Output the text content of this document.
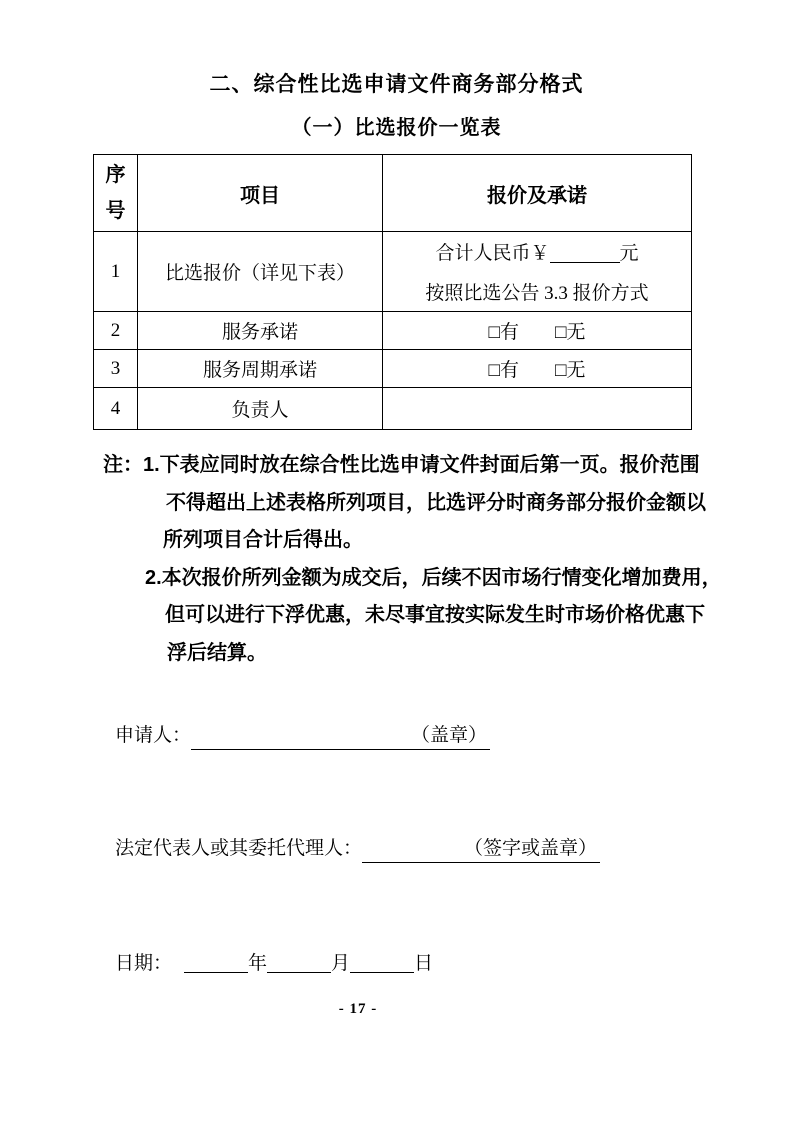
二、综合性比选申请文件商务部分格式
（一）比选报价一览表
序号	项目	报价及承诺
1	比选报价（详见下表）	合计人民币￥ 元
按照比选公告 3.3 报价方式

2	服务承诺	□有 □无
3	服务周期承诺	□有 □无
4	负责人	
注：1.下表应同时放在综合性比选申请文件封面后第一页。报价范围
不得超出上述表格所列项目，比选评分时商务部分报价金额以
所列项目合计后得出。
2.本次报价所列金额为成交后，后续不因市场行情变化增加费用，
但可以进行下浮优惠，未尽事宜按实际发生时市场价格优惠下
浮后结算。
申请人：	（盖章）
法定代表人或其委托代理人：	（签字或盖章）
日期：	年	月	日
- 17 -
